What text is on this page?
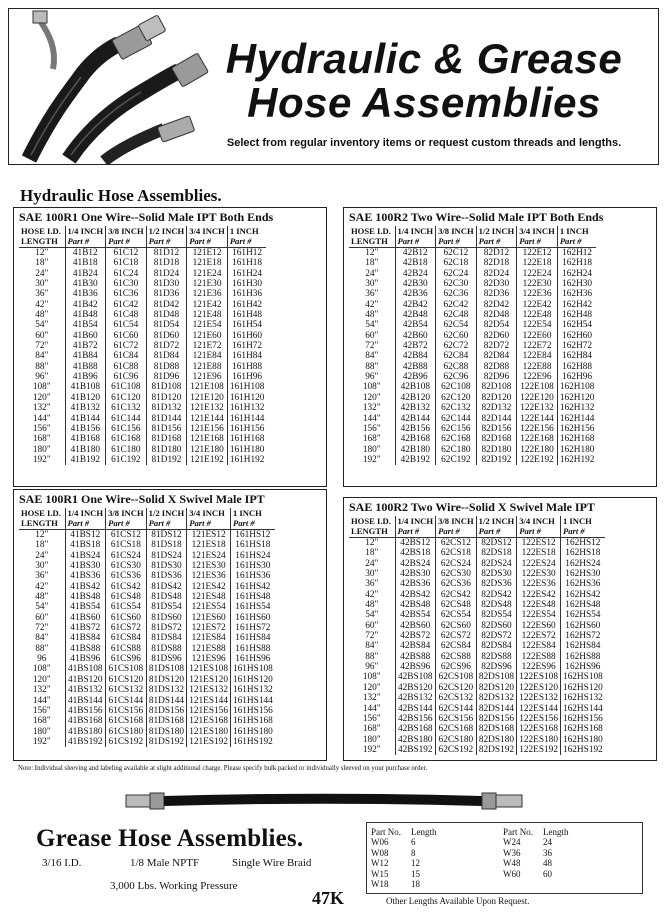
Hydraulic & Grease
Hose Assemblies
Select from regular inventory items or request custom threads and lengths.
Hydraulic Hose Assemblies.
SAE 100R1 One Wire--Solid Male IPT Both Ends
HOSE I.D.	1/4 INCH	3/8 INCH	1/2 INCH	3/4 INCH	1 INCH
LENGTH	Part #	Part #	Part #	Part #	Part #
12"	41B12	61C12	81D12	121E12	161H12
18"	41B18	61C18	81D18	121E18	161H18
24"	41B24	61C24	81D24	121E24	161H24
30"	41B30	61C30	81D30	121E30	161H30
36"	41B36	61C36	81D36	121E36	161H36
42"	41B42	61C42	81D42	121E42	161H42
48"	41B48	61C48	81D48	121E48	161H48
54"	41B54	61C54	81D54	121E54	161H54
60"	41B60	61C60	81D60	121E60	161H60
72"	41B72	61C72	81D72	121E72	161H72
84"	41B84	61C84	81D84	121E84	161H84
88"	41B88	61C88	81D88	121E88	161H88
96"	41B96	61C96	81D96	121E96	161H96
108"	41B108	61C108	81D108	121E108	161H108
120"	41B120	61C120	81D120	121E120	161H120
132"	41B132	61C132	81D132	121E132	161H132
144"	41B144	61C144	81D144	121E144	161H144
156"	41B156	61C156	81D156	121E156	161H156
168"	41B168	61C168	81D168	121E168	161H168
180"	41B180	61C180	81D180	121E180	161H180
192"	41B192	61C192	81D192	121E192	161H192
SAE 100R2 Two Wire--Solid Male IPT Both Ends
HOSE I.D.	1/4 INCH	3/8 INCH	1/2 INCH	3/4 INCH	1 INCH
LENGTH	Part #	Part #	Part #	Part #	Part #
12"	42B12	62C12	82D12	122E12	162H12
18"	42B18	62C18	82D18	122E18	162H18
24"	42B24	62C24	82D24	122E24	162H24
30"	42B30	62C30	82D30	122E30	162H30
36"	42B36	62C36	82D36	122E36	162H36
42"	42B42	62C42	82D42	122E42	162H42
48"	42B48	62C48	82D48	122E48	162H48
54"	42B54	62C54	82D54	122E54	162H54
60"	42B60	62C60	82D60	122E60	162H60
72"	42B72	62C72	82D72	122E72	162H72
84"	42B84	62C84	82D84	122E84	162H84
88"	42B88	62C88	82D88	122E88	162H88
96"	42B96	62C96	82D96	122E96	162H96
108"	42B108	62C108	82D108	122E108	162H108
120"	42B120	62C120	82D120	122E120	162H120
132"	42B132	62C132	82D132	122E132	162H132
144"	42B144	62C144	82D144	122E144	162H144
156"	42B156	62C156	82D156	122E156	162H156
168"	42B168	62C168	82D168	122E168	162H168
180"	42B180	62C180	82D180	122E180	162H180
192"	42B192	62C192	82D192	122E192	162H192
SAE 100R1 One Wire--Solid X Swivel Male IPT
HOSE I.D.	1/4 INCH	3/8 INCH	1/2 INCH	3/4 INCH	1 INCH
LENGTH	Part #	Part #	Part #	Part #	Part #
12"	41BS12	61CS12	81DS12	121ES12	161HS12
18"	41BS18	61CS18	81DS18	121ES18	161HS18
24"	41BS24	61CS24	81DS24	121ES24	161HS24
30"	41BS30	61CS30	81DS30	121ES30	161HS30
36"	41BS36	61CS36	81DS36	121ES36	161HS36
42"	41BS42	61CS42	81DS42	121ES42	161HS42
48"	41BS48	61CS48	81DS48	121ES48	161HS48
54"	41BS54	61CS54	81DS54	121ES54	161HS54
60"	41BS60	61CS60	81DS60	121ES60	161HS60
72"	41BS72	61CS72	81DS72	121ES72	161HS72
84"	41BS84	61CS84	81DS84	121ES84	161HS84
88"	41BS88	61CS88	81DS88	121ES88	161HS88
96	41BS96	61CS96	81DS96	121ES96	161HS96
108"	41BS108	61CS108	81DS108	121ES108	161HS108
120"	41BS120	61CS120	81DS120	121ES120	161HS120
132"	41BS132	61CS132	81DS132	121ES132	161HS132
144"	41BS144	61CS144	81DS144	121ES144	161HS144
156"	41BS156	61CS156	81DS156	121ES156	161HS156
168"	41BS168	61CS168	81DS168	121ES168	161HS168
180"	41BS180	61CS180	81DS180	121ES180	161HS180
192"	41BS192	61CS192	81DS192	121ES192	161HS192
SAE 100R2 Two Wire--Solid X Swivel Male IPT
HOSE I.D.	1/4 INCH	3/8 INCH	1/2 INCH	3/4 INCH	1 INCH
LENGTH	Part #	Part #	Part #	Part #	Part #
12"	42BS12	62CS12	82DS12	122ES12	162HS12
18"	42BS18	62CS18	82DS18	122ES18	162HS18
24"	42BS24	62CS24	82DS24	122ES24	162HS24
30"	42BS30	62CS30	82DS30	122ES30	162HS30
36"	42BS36	62CS36	82DS36	122ES36	162HS36
42"	42BS42	62CS42	82DS42	122ES42	162HS42
48"	42BS48	62CS48	82DS48	122ES48	162HS48
54"	42BS54	62CS54	82DS54	122ES54	162HS54
60"	42BS60	62CS60	82DS60	122ES60	162HS60
72"	42BS72	62CS72	82DS72	122ES72	162HS72
84"	42BS84	62CS84	82DS84	122ES84	162HS84
88"	42BS88	62CS88	82DS88	122ES88	162HS88
96"	42BS96	62CS96	82DS96	122ES96	162HS96
108"	42BS108	62CS108	82DS108	122ES108	162HS108
120"	42BS120	62CS120	82DS120	122ES120	162HS120
132"	42BS132	62CS132	82DS132	122ES132	162HS132
144"	42BS144	62CS144	82DS144	122ES144	162HS144
156"	42BS156	62CS156	82DS156	122ES156	162HS156
168"	42BS168	62CS168	82DS168	122ES168	162HS168
180"	42BS180	62CS180	82DS180	122ES180	162HS180
192"	42BS192	62CS192	82DS192	122ES192	162HS192
Note: Individual sleeving and labeling available at slight additional charge. Please specify bulk packed or individually sleeved on your purchase order.
Grease Hose Assemblies.
3/16 I.D.	1/8 Male NPTF	Single Wire Braid
3,000 Lbs. Working Pressure
47K
Part No.	Length
W06	6
W08	8
W12	12
W15	15
W18	18
Part No.	Length
W24	24
W36	36
W48	48
W60	60
Other Lengths Available Upon Request.
